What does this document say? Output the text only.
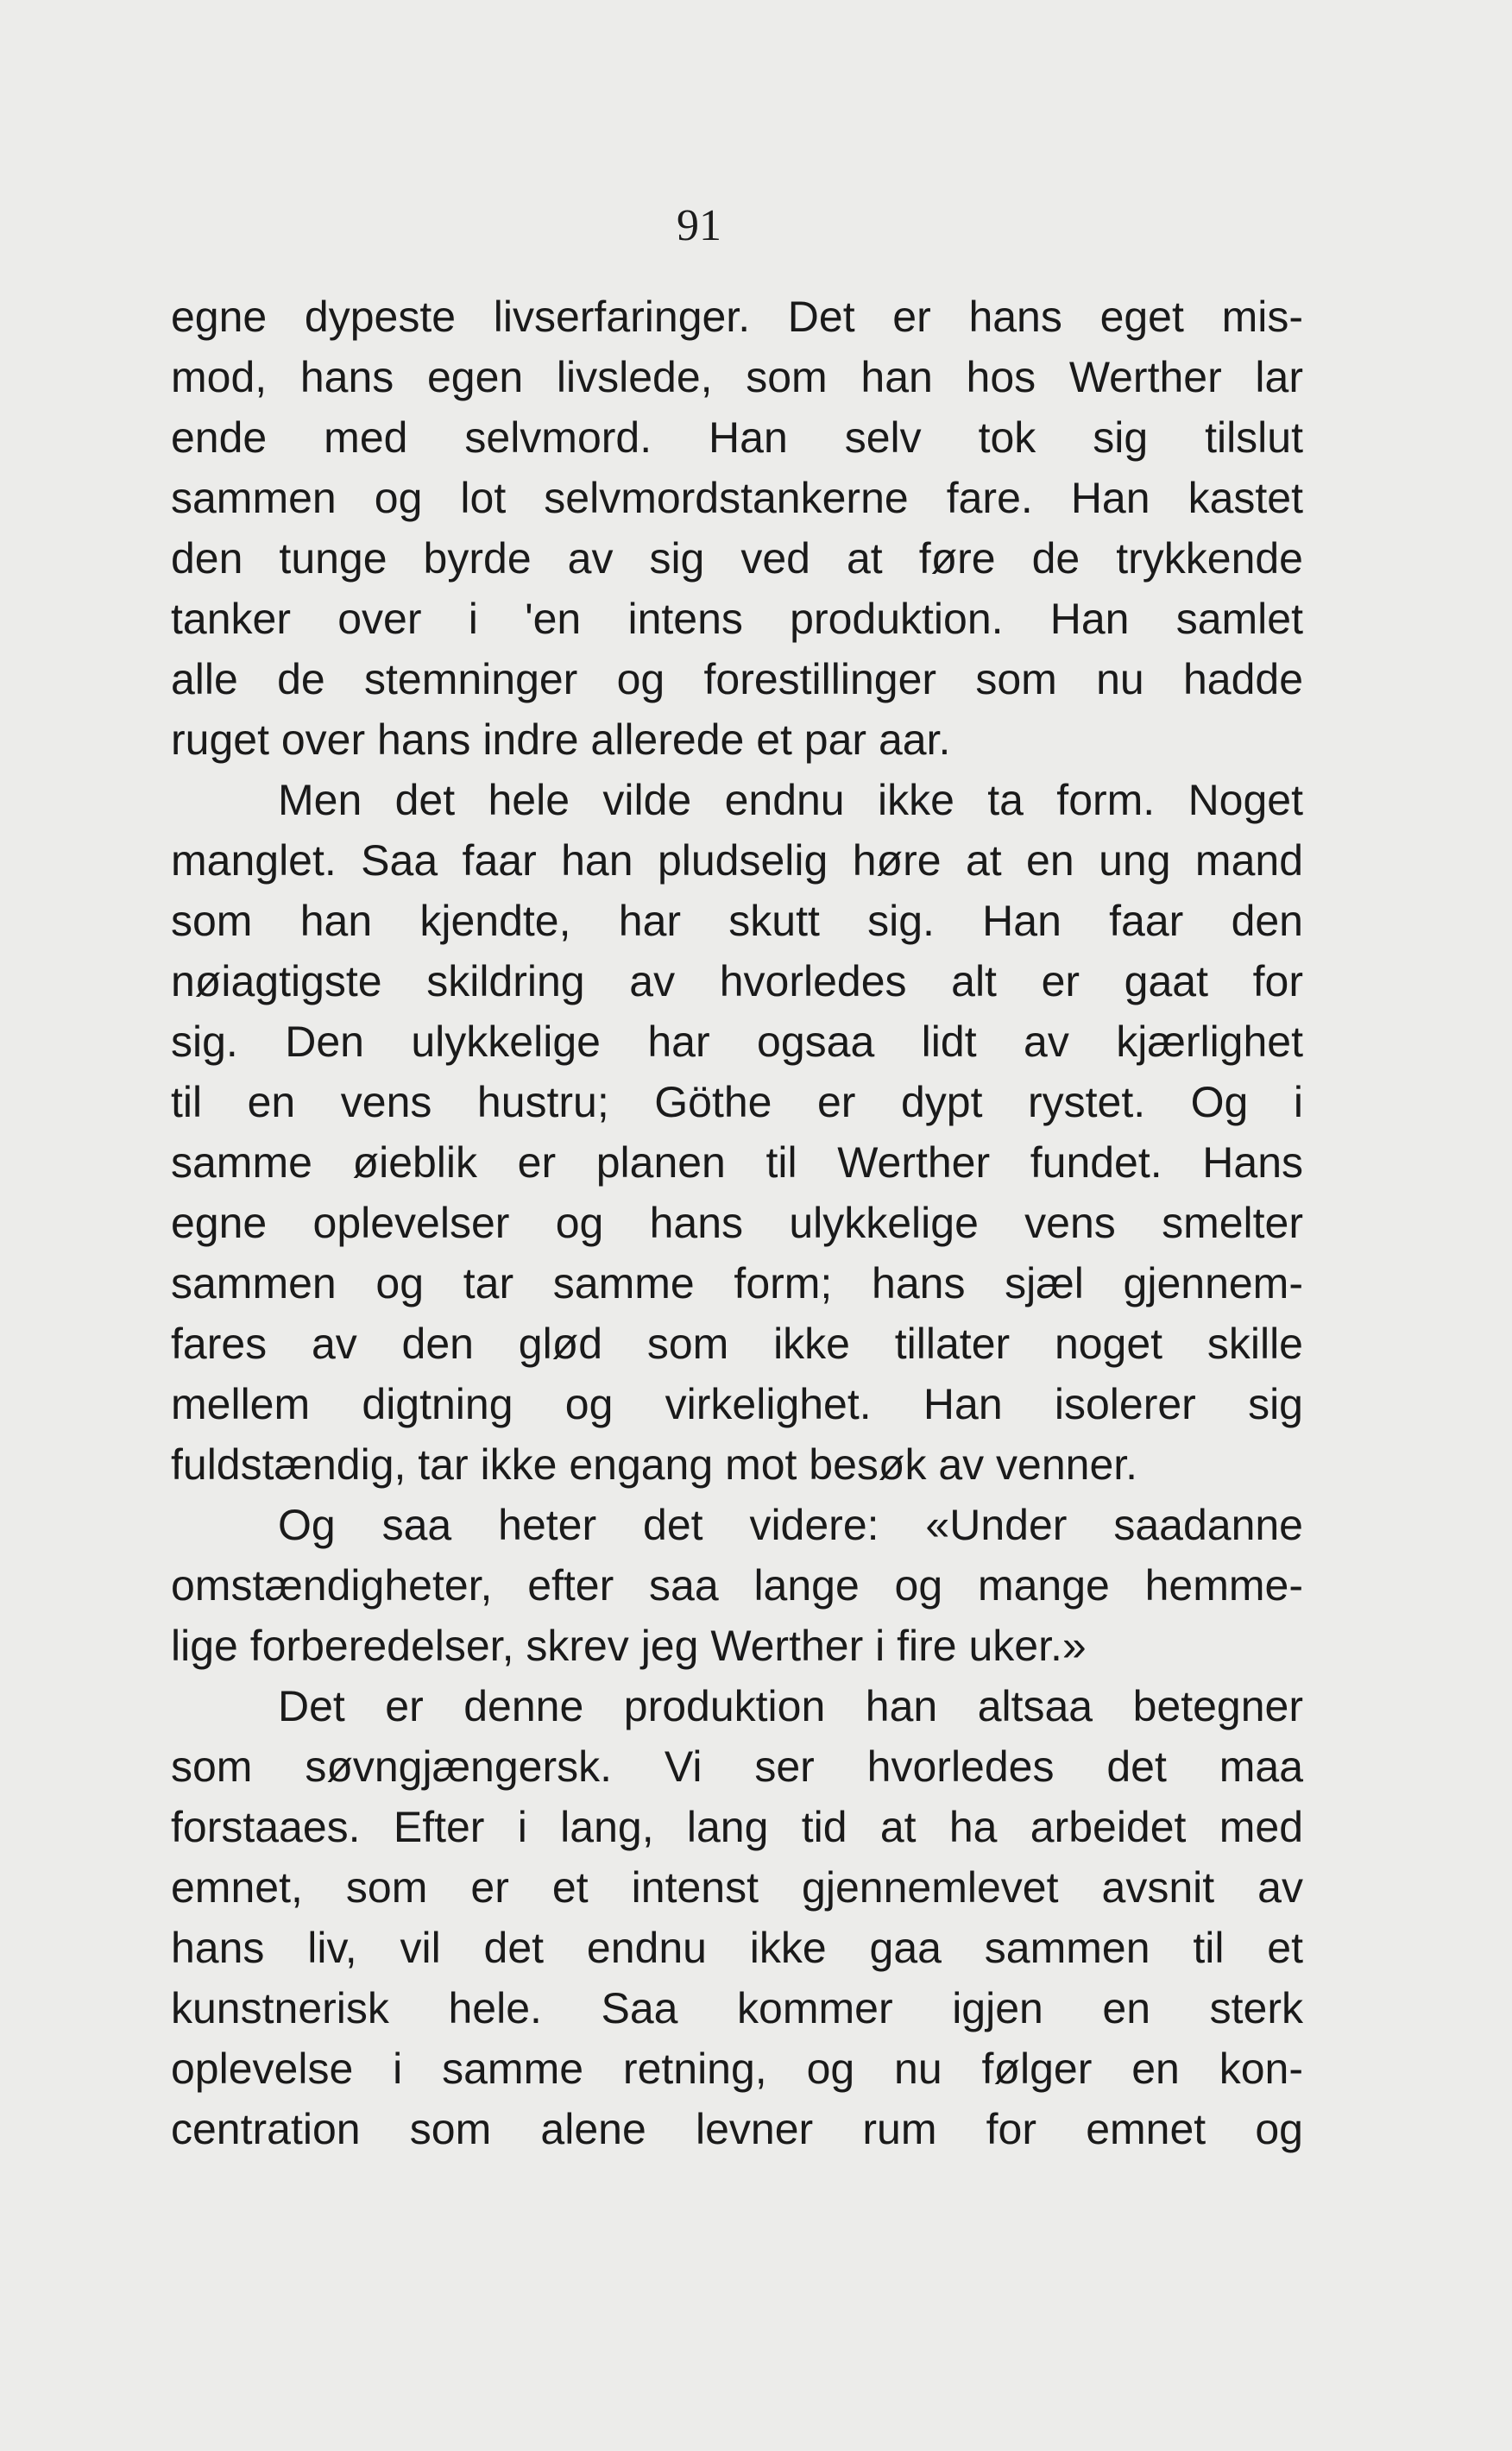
91
egne dypeste livserfaringer. Det er hans eget mis-
mod, hans egen livslede, som han hos Werther lar
ende med selvmord. Han selv tok sig tilslut
sammen og lot selvmordstankerne fare. Han kastet
den tunge byrde av sig ved at føre de trykkende
tanker over i 'en intens produktion. Han samlet
alle de stemninger og forestillinger som nu hadde
ruget over hans indre allerede et par aar.
Men det hele vilde endnu ikke ta form. Noget
manglet. Saa faar han pludselig høre at en ung mand
som han kjendte, har skutt sig. Han faar den
nøiagtigste skildring av hvorledes alt er gaat for
sig. Den ulykkelige har ogsaa lidt av kjærlighet
til en vens hustru; Göthe er dypt rystet. Og i
samme øieblik er planen til Werther fundet. Hans
egne oplevelser og hans ulykkelige vens smelter
sammen og tar samme form; hans sjæl gjennem-
fares av den glød som ikke tillater noget skille
mellem digtning og virkelighet. Han isolerer sig
fuldstændig, tar ikke engang mot besøk av venner.
Og saa heter det videre: «Under saadanne
omstændigheter, efter saa lange og mange hemme-
lige forberedelser, skrev jeg Werther i fire uker.»
Det er denne produktion han altsaa betegner
som søvngjængersk. Vi ser hvorledes det maa
forstaaes. Efter i lang, lang tid at ha arbeidet med
emnet, som er et intenst gjennemlevet avsnit av
hans liv, vil det endnu ikke gaa sammen til et
kunstnerisk hele. Saa kommer igjen en sterk
oplevelse i samme retning, og nu følger en kon-
centration som alene levner rum for emnet og
